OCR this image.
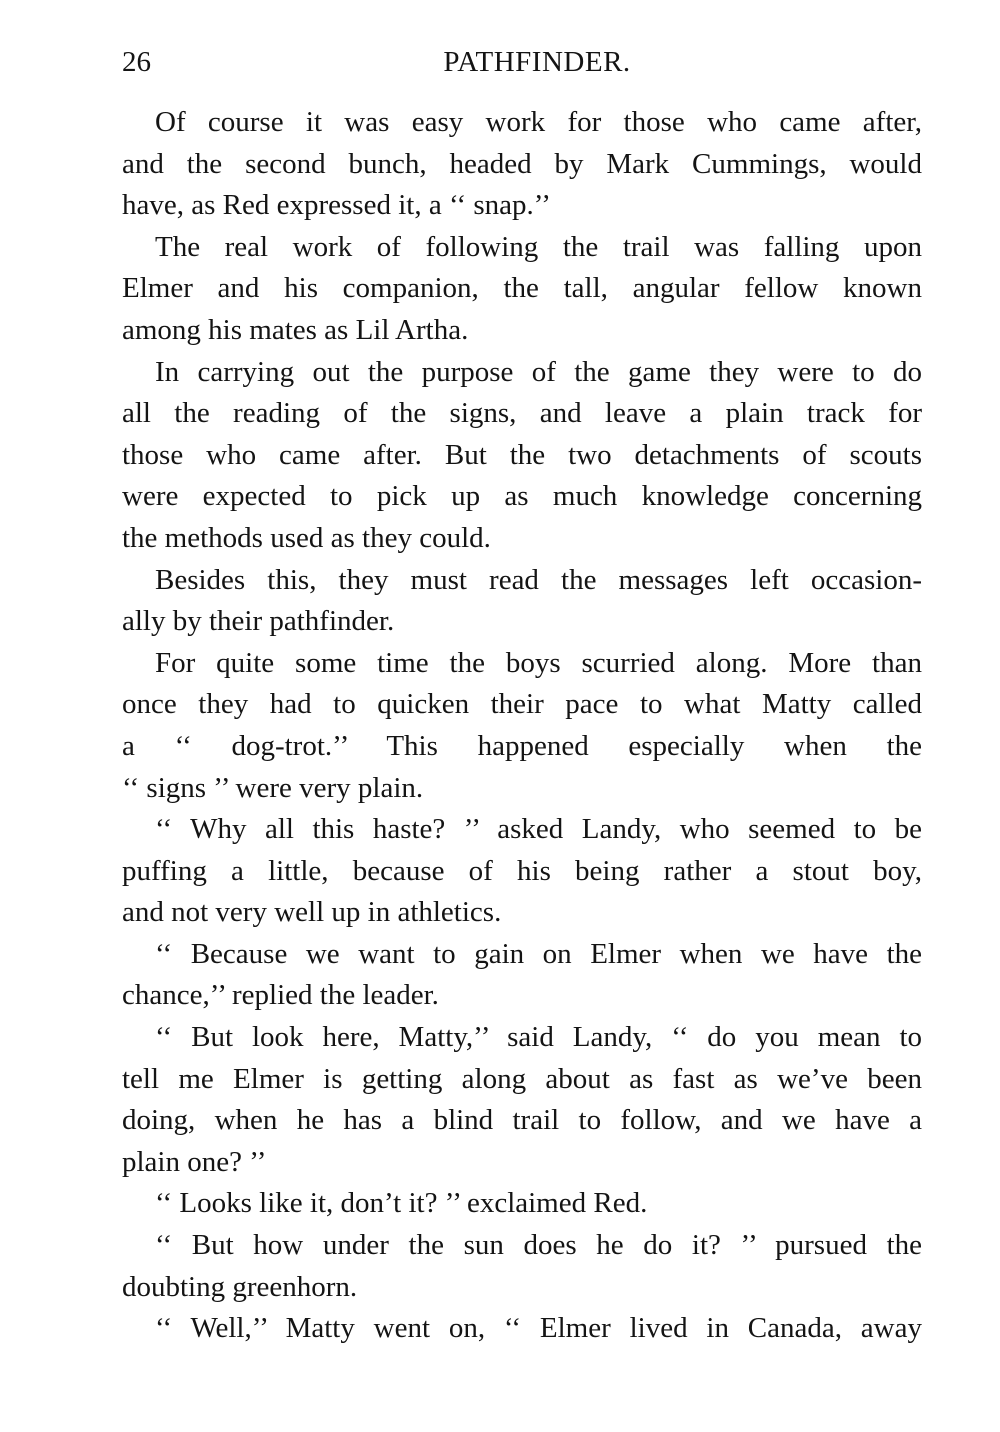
26	PATHFINDER.

Of course it was easy work for those who came after,
and the second bunch, headed by Mark Cummings, would
have, as Red expressed it, a ‘‘ snap.’’

The real work of following the trail was falling upon
Elmer and his companion, the tall, angular fellow known
among his mates as Lil Artha.

In carrying out the purpose of the game they were to do
all the reading of the signs, and leave a plain track for
those who came after. But the two detachments of scouts
were expected to pick up as much knowledge concerning
the methods used as they could.

Besides this, they must read the messages left occasion-
ally by their pathfinder.

For quite some time the boys scurried along. More than
once they had to quicken their pace to what Matty called
a ‘‘ dog-trot.’’ This happened especially when the
‘‘ signs ’’ were very plain.

‘‘ Why all this haste? ’’ asked Landy, who seemed to be
puffing a little, because of his being rather a stout boy,
and not very well up in athletics.

‘‘ Because we want to gain on Elmer when we have the
chance,’’ replied the leader.

‘‘ But look here, Matty,’’ said Landy, ‘‘ do you mean to
tell me Elmer is getting along about as fast as we’ve been
doing, when he has a blind trail to follow, and we have a
plain one? ’’

‘‘ Looks like it, don’t it? ’’ exclaimed Red.

‘‘ But how under the sun does he do it? ’’ pursued the
doubting greenhorn.

‘‘ Well,’’ Matty went on, ‘‘ Elmer lived in Canada, away
